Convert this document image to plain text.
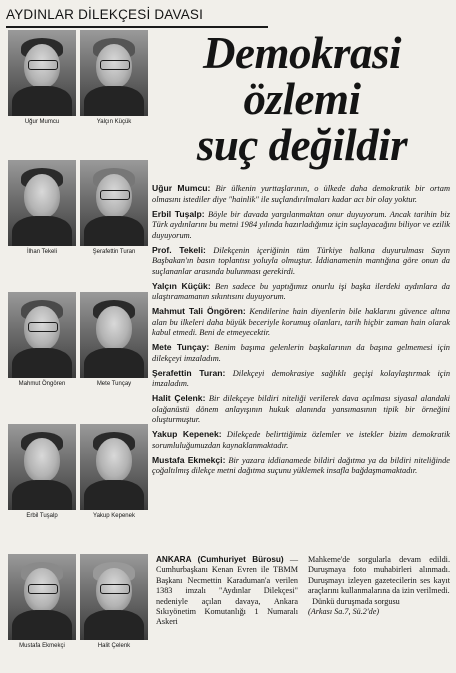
AYDINLAR DİLEKÇESİ DAVASI
Uğur Mumcu	Yalçın Küçük
İlhan Tekeli	Şerafettin Turan
Mahmut Öngören	Mete Tunçay
Erbil Tuşalp	Yakup Kepenek
Mustafa Ekmekçi	Halit Çelenk
Demokrasi
özlemi
suç değildir
Uğur Mumcu: Bir ülkenin yurttaşlarının, o ülkede daha demokratik bir ortam olmasını istediler diye "hainlik" ile suçlandırılmaları kadar acı bir olay yoktur.
Erbil Tuşalp: Böyle bir davada yargılanmaktan onur duyuyorum. Ancak tarihin biz Türk aydınlarını bu metni 1984 yılında hazırladığımız için suçlayacağını biliyor ve ezilik duyuyorum.
Prof. Tekeli: Dilekçenin içeriğinin tüm Türkiye halkına duyurulması Sayın Başbakan'ın basın toplantısı yoluyla olmuştur. İddianamenin mantığına göre onun da suçlananlar arasında bulunması gerekirdi.
Yalçın Küçük: Ben sadece bu yaptığımız onurlu işi başka ilerdeki aydınlara da ulaştıramamanın sıkıntısını duyuyorum.
Mahmut Tali Öngören: Kendilerine hain diyenlerin bile haklarını güvence altına alan bu ilkeleri daha büyük beceriyle korumuş olanları, tarih hiçbir zaman hain olarak kabul etmedi. Beni de etmeyecektir.
Mete Tunçay: Benim başıma gelenlerin başkalarının da başına gelmemesi için dilekçeyi imzaladım.
Şerafettin Turan: Dilekçeyi demokrasiye sağlıklı geçişi kolaylaştırmak için imzaladım.
Halit Çelenk: Bir dilekçeye bildiri niteliği verilerek dava açılması siyasal alandaki olağanüstü dönem anlayışının hukuk alanında yansımasının tipik bir örneğini oluşturmuştur.
Yakup Kepenek: Dilekçede belirttiğimiz özlemler ve istekler bizim demokratik sorumluluğumuzdan kaynaklanmaktadır.
Mustafa Ekmekçi: Bir yazara iddianamede bildiri dağıtma ya da bildiri niteliğinde çoğaltılmış dilekçe metni dağıtma suçunu yüklemek insafla bağdaşmamaktadır.
ANKARA (Cumhuriyet Bürosu) — Cumhurbaşkanı Kenan Evren ile TBMM Başkanı Necmettin Karaduman'a verilen 1383 imzalı "Aydınlar Dilekçesi" nedeniyle açılan davaya, Ankara Sıkıyönetim Komutanlığı 1 Numaralı Askeri
Mahkeme'de sorgularla devam edildi. Duruşmaya foto muhabirleri alınmadı. Duruşmayı izleyen gazetecilerin ses kayıt araçlarını kullanmalarına da izin verilmedi.
Dünkü duruşmada sorgusu
(Arkası Sa.7, Sü.2'de)
